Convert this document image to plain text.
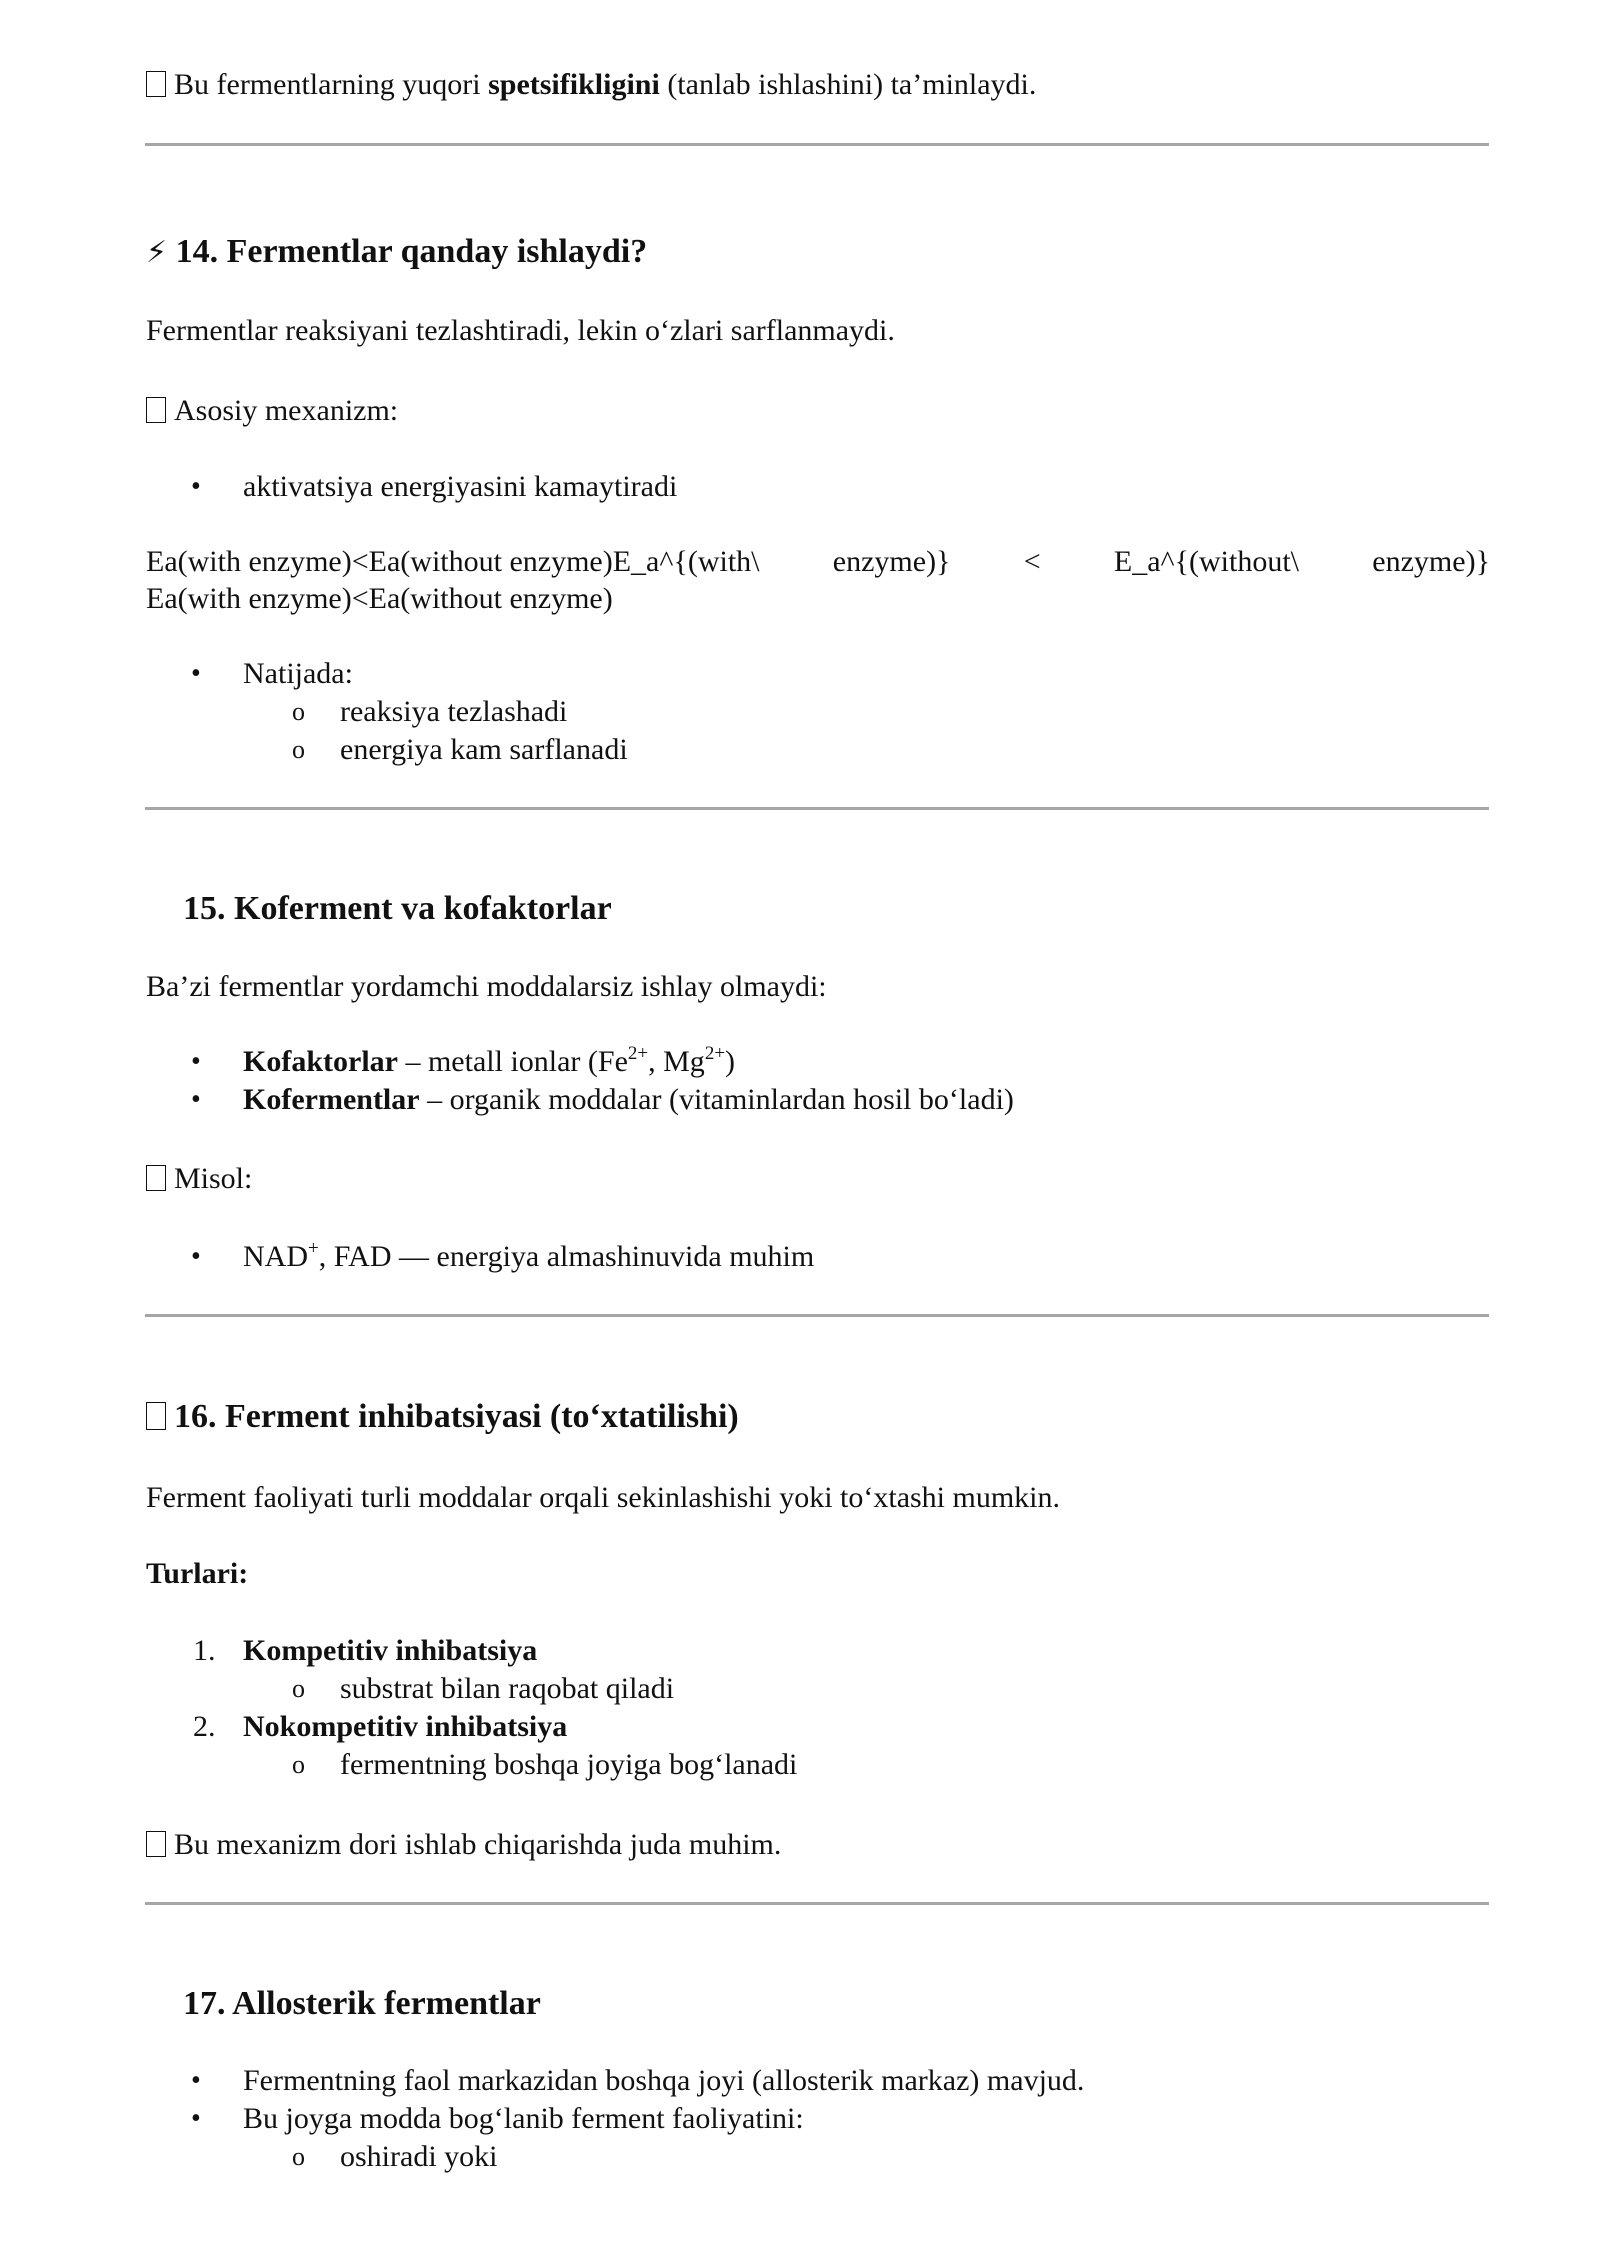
Bu fermentlarning yuqori spetsifikligini (tanlab ishlashini) ta’minlaydi.
⚡ 14. Fermentlar qanday ishlaydi?
Fermentlar reaksiyani tezlashtiradi, lekin o‘zlari sarflanmaydi.
Asosiy mexanizm:
• aktivatsiya energiyasini kamaytiradi
Ea(with enzyme)<Ea(without enzyme)E_a^{(with\ enzyme)} < E_a^{(without\ enzyme)}
Ea(with enzyme)<Ea(without enzyme)
• Natijada:
o reaksiya tezlashadi
o energiya kam sarflanadi
15. Koferment va kofaktorlar
Ba’zi fermentlar yordamchi moddalarsiz ishlay olmaydi:
• Kofaktorlar – metall ionlar ($Fe^{2+}$, $Mg^{2+}$)
• Kofermentlar – organik moddalar (vitaminlardan hosil bo‘ladi)
Misol:
• NAD+, FAD — energiya almashinuvida muhim
16. Ferment inhibatsiyasi (to‘xtatilishi)
Ferment faoliyati turli moddalar orqali sekinlashishi yoki to‘xtashi mumkin.
Turlari:
1. Kompetitiv inhibatsiya
o substrat bilan raqobat qiladi
2. Nokompetitiv inhibatsiya
o fermentning boshqa joyiga bog‘lanadi
Bu mexanizm dori ishlab chiqarishda juda muhim.
17. Allosterik fermentlar
• Fermentning faol markazidan boshqa joyi (allosterik markaz) mavjud.
• Bu joyga modda bog‘lanib ferment faoliyatini:
o oshiradi yoki
